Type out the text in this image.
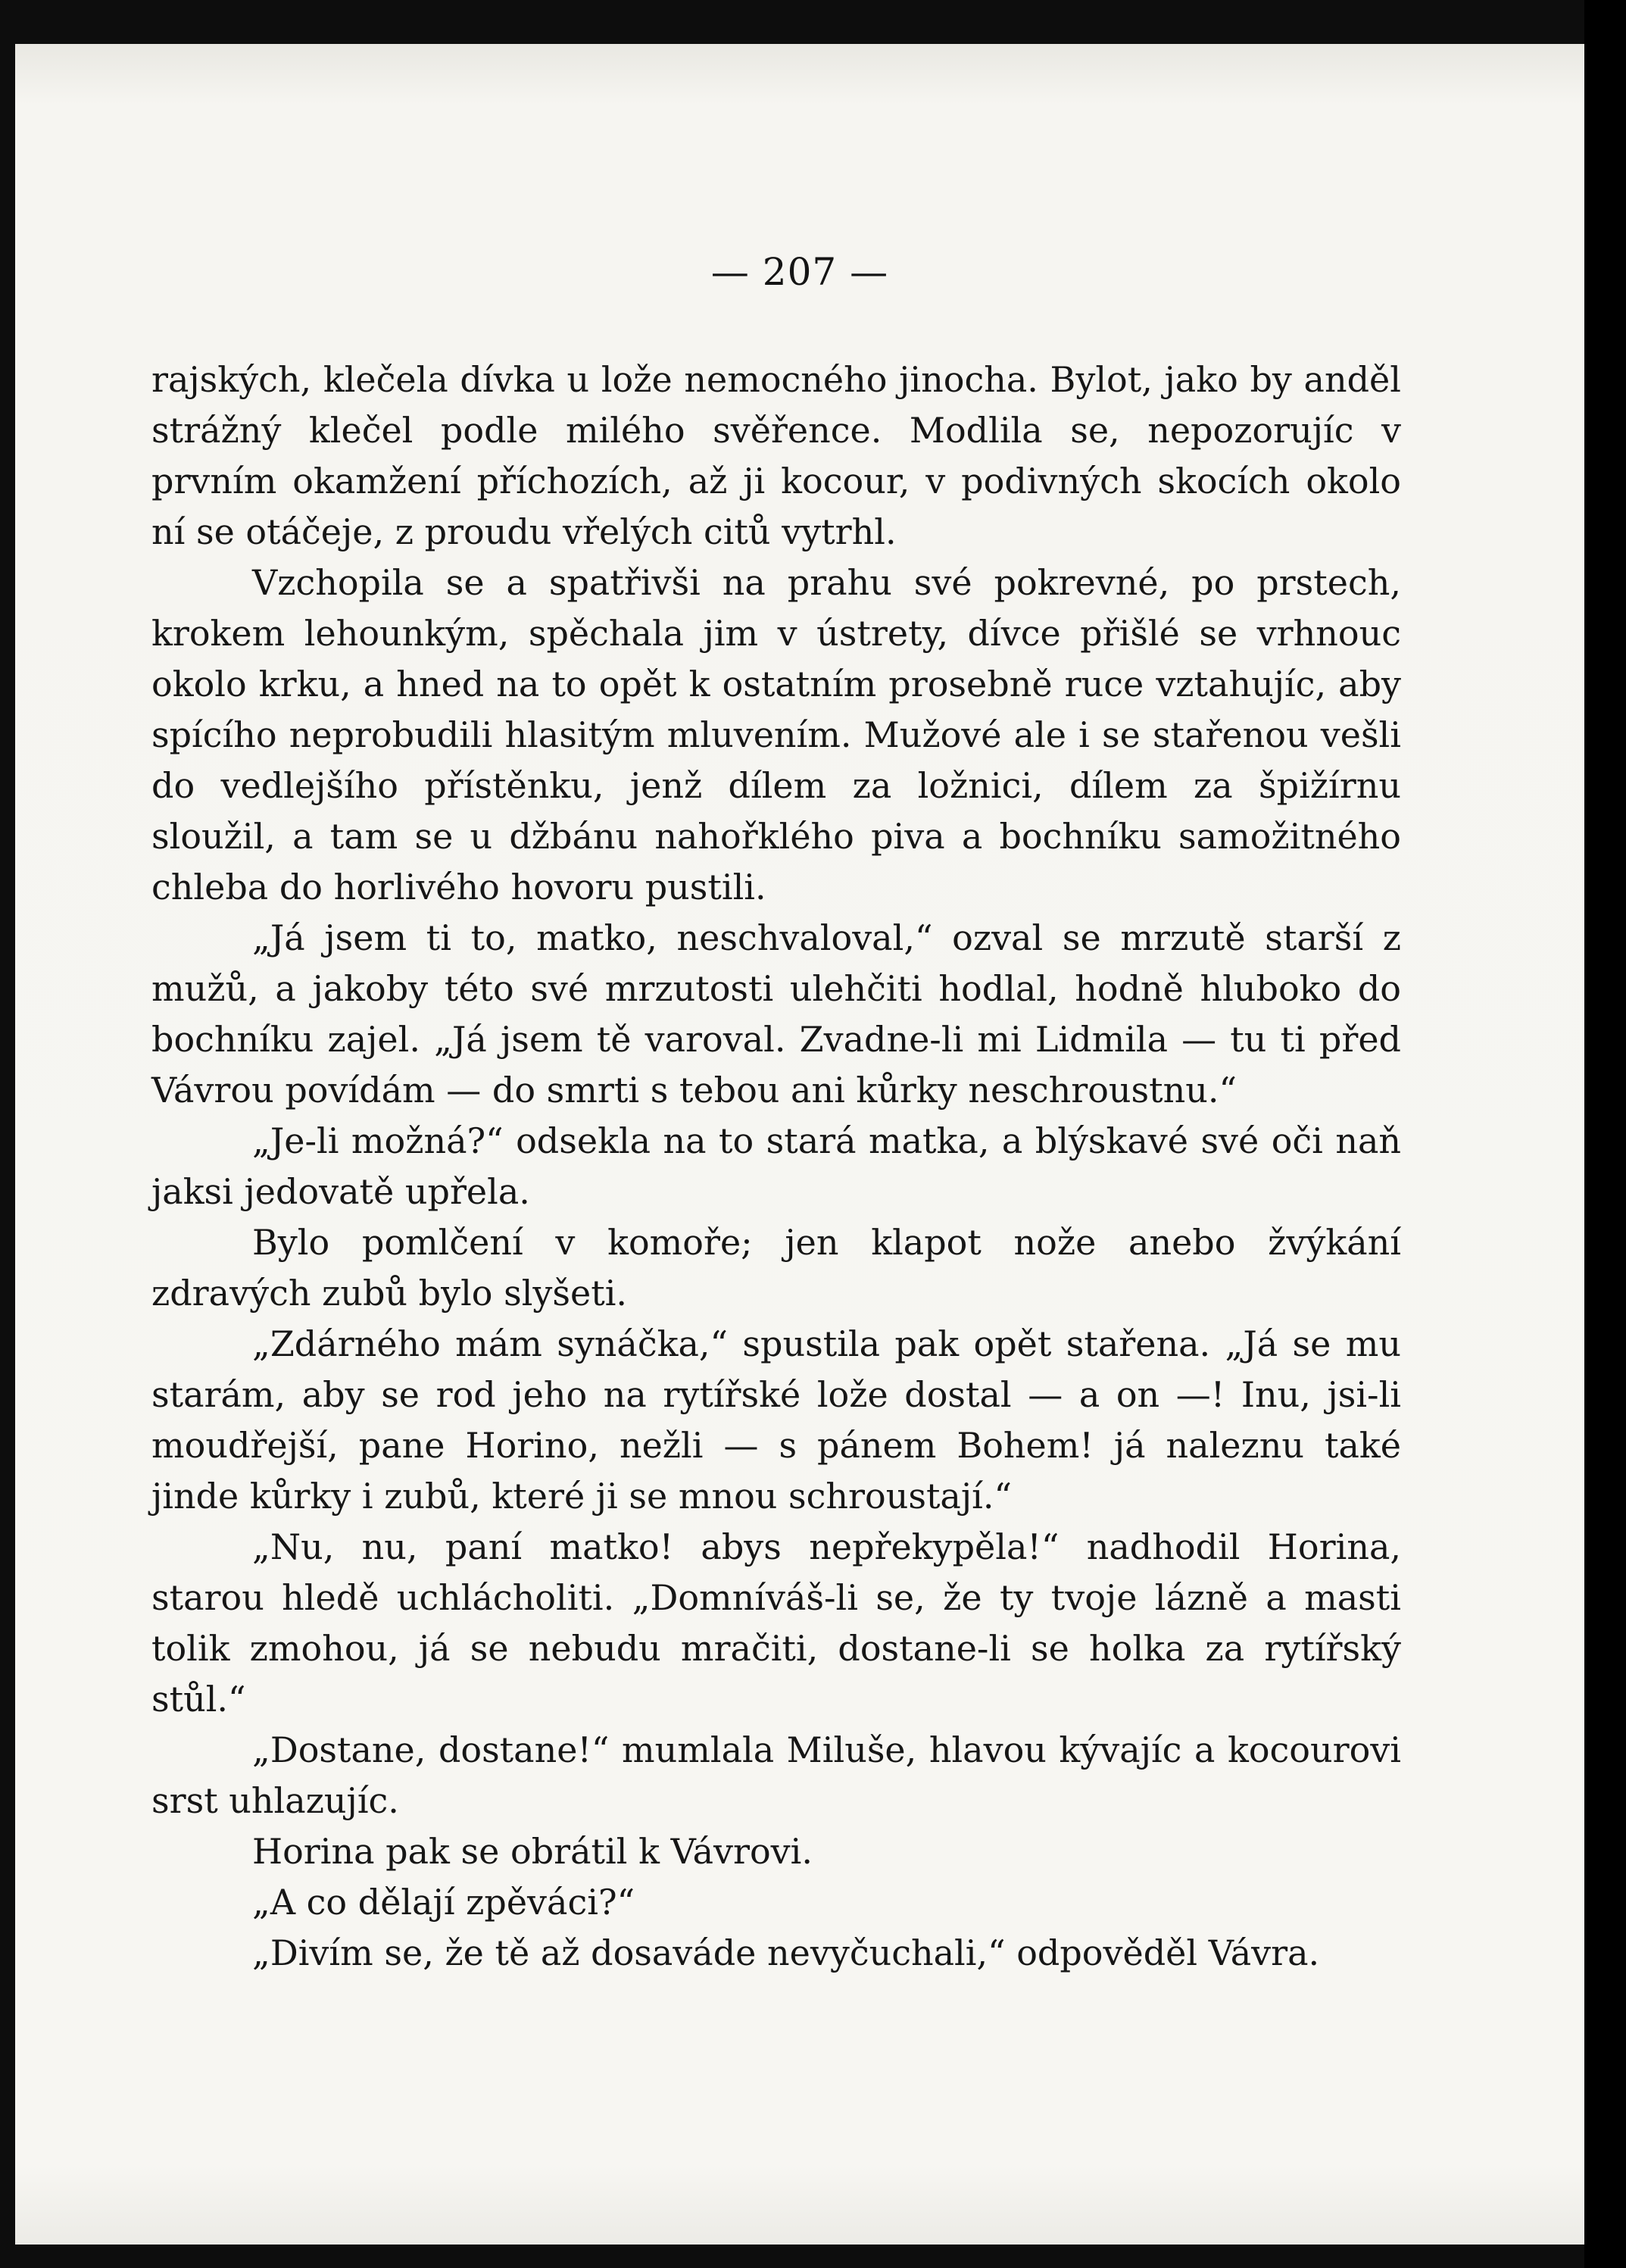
— 207 —

rajských, klečela dívka u lože nemocného jinocha. Bylot, jako by anděl strážný klečel podle milého svěřence. Modlila se, nepozorujíc v prvním okamžení příchozích, až ji kocour, v podivných skocích okolo ní se otáčeje, z proudu vřelých citů vytrhl.

Vzchopila se a spatřivši na prahu své pokrevné, po prstech, krokem lehounkým, spěchala jim v ústrety, dívce přišlé se vrhnouc okolo krku, a hned na to opět k ostatním prosebně ruce vztahujíc, aby spícího neprobudili hlasitým mluvením. Mužové ale i se stařenou vešli do vedlejšího přístěnku, jenž dílem za ložnici, dílem za špižírnu sloužil, a tam se u džbánu nahořklého piva a bochníku samožitného chleba do horlivého hovoru pustili.

„Já jsem ti to, matko, neschvaloval,“ ozval se mrzutě starší z mužů, a jakoby této své mrzutosti ulehčiti hodlal, hodně hluboko do bochníku zajel. „Já jsem tě varoval. Zvadne-li mi Lidmila — tu ti před Vávrou povídám — do smrti s tebou ani kůrky neschroustnu.“

„Je-li možná?“ odsekla na to stará matka, a blýskavé své oči naň jaksi jedovatě upřela.

Bylo pomlčení v komoře; jen klapot nože anebo žvýkání zdravých zubů bylo slyšeti.

„Zdárného mám synáčka,“ spustila pak opět stařena. „Já se mu starám, aby se rod jeho na rytířské lože dostal — a on —! Inu, jsi-li moudřejší, pane Horino, nežli — s pánem Bohem! já naleznu také jinde kůrky i zubů, které ji se mnou schroustají.“

„Nu, nu, paní matko! abys nepřekypěla!“ nadhodil Horina, starou hledě uchlácholiti. „Domníváš-li se, že ty tvoje lázně a masti tolik zmohou, já se nebudu mračiti, dostane-li se holka za rytířský stůl.“

„Dostane, dostane!“ mumlala Miluše, hlavou kývajíc a kocourovi srst uhlazujíc.

Horina pak se obrátil k Vávrovi.

„A co dělají zpěváci?“

„Divím se, že tě až dosaváde nevyčuchali,“ odpověděl Vávra.
